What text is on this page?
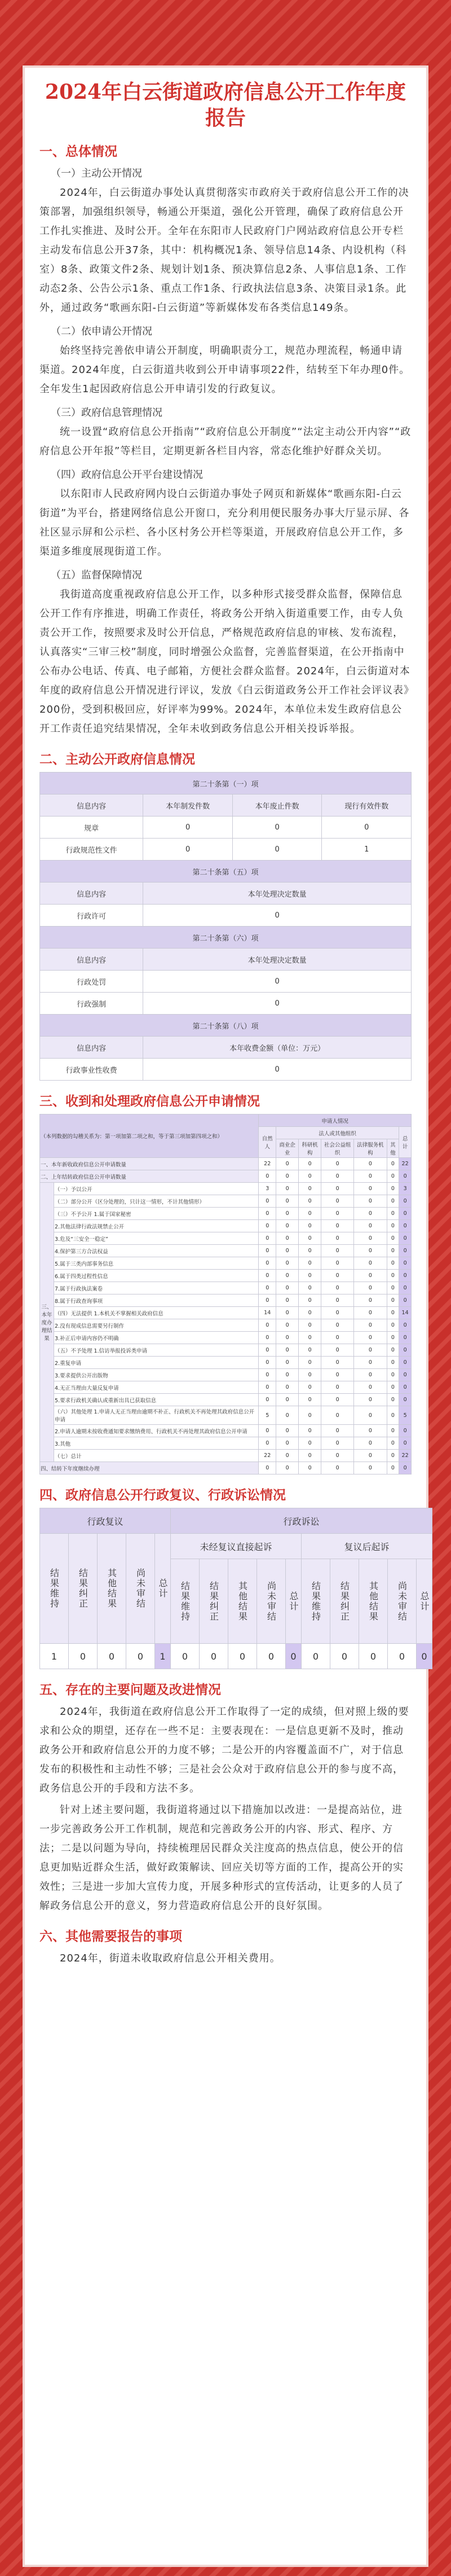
2024年白云街道政府信息公开工作年度报告
一、总体情况
（一）主动公开情况

2024年，白云街道办事处认真贯彻落实市政府关于政府信息公开工作的决策部署，加强组织领导，畅通公开渠道，强化公开管理，确保了政府信息公开工作扎实推进、及时公开。全年在东阳市人民政府门户网站政府信息公开专栏主动发布信息公开37条，其中：机构概况1条、领导信息14条、内设机构（科室）8条、政策文件2条、规划计划1条、预决算信息2条、人事信息1条、工作动态2条、公告公示1条、重点工作1条、行政执法信息3条、决策目录1条。此外，通过政务“歌画东阳-白云街道”等新媒体发布各类信息149条。

（二）依申请公开情况

始终坚持完善依申请公开制度，明确职责分工，规范办理流程，畅通申请渠道。2024年度，白云街道共收到公开申请事项22件，结转至下年办理0件。全年发生1起因政府信息公开申请引发的行政复议。

（三）政府信息管理情况

统一设置“政府信息公开指南”“政府信息公开制度”“法定主动公开内容”“政府信息公开年报”等栏目，定期更新各栏目内容，常态化维护好群众关切。

（四）政府信息公开平台建设情况

以东阳市人民政府网内设白云街道办事处子网页和新媒体“歌画东阳-白云街道”为平台，搭建网络信息公开窗口，充分利用便民服务办事大厅显示屏、各社区显示屏和公示栏、各小区村务公开栏等渠道，开展政府信息公开工作，多渠道多维度展现街道工作。

（五）监督保障情况

我街道高度重视政府信息公开工作，以多种形式接受群众监督，保障信息公开工作有序推进，明确工作责任，将政务公开纳入街道重要工作，由专人负责公开工作，按照要求及时公开信息，严格规范政府信息的审核、发布流程，认真落实“三审三校”制度，同时增强公众监督，完善监督渠道，在公开指南中公布办公电话、传真、电子邮箱，方便社会群众监督。2024年，白云街道对本年度的政府信息公开情况进行评议，发放《白云街道政务公开工作社会评议表》200份，受到积极回应，好评率为99%。2024年，本单位未发生政府信息公开工作责任追究结果情况，全年未收到政务信息公开相关投诉举报。

二、主动公开政府信息情况
第二十条第（一）项			
信息内容	本年制发件数	本年废止件数	现行有效件数
规章	0	0	0
行政规范性文件	0	0	1
第二十条第（五）项			
信息内容	本年处理决定数量		
行政许可	0		
第二十条第（六）项			
信息内容	本年处理决定数量		
行政处罚	0		
行政强制	0		
第二十条第（八）项			
信息内容	本年收费金额（单位：万元）		
行政事业性收费	0		
三、收到和处理政府信息公开申请情况
（本列数据的勾稽关系为：第一项加第二项之和，等于第三项加第四项之和）		申请人情况						
		自然人	法人或其他组织					总计
			商业企业	科研机构	社会公益组织	法律服务机构	其他	
一、本年新收政府信息公开申请数量		22	0	0	0	0	0	22
二、上年结转政府信息公开申请数量		0	0	0	0	0	0	0
三、本年度办理结果	（一）予以公开	3	0	0	0	0	0	3
	（二）部分公开（区分处理的，只计这一情形，不计其他情形）	0	0	0	0	0	0	0
	（三）不予公开 1.属于国家秘密	0	0	0	0	0	0	0
	2.其他法律行政法规禁止公开	0	0	0	0	0	0	0
	3.危及“三安全一稳定”	0	0	0	0	0	0	0
	4.保护第三方合法权益	0	0	0	0	0	0	0
	5.属于三类内部事务信息	0	0	0	0	0	0	0
	6.属于四类过程性信息	0	0	0	0	0	0	0
	7.属于行政执法案卷	0	0	0	0	0	0	0
	8.属于行政查询事项	0	0	0	0	0	0	0
	（四）无法提供 1.本机关不掌握相关政府信息	14	0	0	0	0	0	14
	2.没有现成信息需要另行制作	0	0	0	0	0	0	0
	3.补正后申请内容仍不明确	0	0	0	0	0	0	0
	（五）不予处理 1.信访举报投诉类申请	0	0	0	0	0	0	0
	2.重复申请	0	0	0	0	0	0	0
	3.要求提供公开出版物	0	0	0	0	0	0	0
	4.无正当理由大量反复申请	0	0	0	0	0	0	0
	5.要求行政机关确认或重新出具已获取信息	0	0	0	0	0	0	0
	（六）其他处理 1.申请人无正当理由逾期不补正、行政机关不再处理其政府信息公开申请	5	0	0	0	0	0	5
	2.申请人逾期未按收费通知要求缴纳费用、行政机关不再处理其政府信息公开申请	0	0	0	0	0	0	0
	3.其他	0	0	0	0	0	0	0
	（七）总计	22	0	0	0	0	0	22
四、结转下年度继续办理		0	0	0	0	0	0	0
四、政府信息公开行政复议、行政诉讼情况
行政复议					行政诉讼									
结果维持	结果纠正	其他结果	尚未审结	总计	未经复议直接起诉					复议后起诉				
					结果维持	结果纠正	其他结果	尚未审结	总计	结果维持	结果纠正	其他结果	尚未审结	总计
1	0	0	0	1	0	0	0	0	0	0	0	0	0	0
五、存在的主要问题及改进情况

2024年，我街道在政府信息公开工作取得了一定的成绩，但对照上级的要求和公众的期望，还存在一些不足：主要表现在：一是信息更新不及时，推动政务公开和政府信息公开的力度不够；二是公开的内容覆盖面不广，对于信息发布的积极性和主动性不够；三是社会公众对于政府信息公开的参与度不高，政务信息公开的手段和方法不多。

针对上述主要问题，我街道将通过以下措施加以改进：一是提高站位，进一步完善政务公开工作机制，规范和完善政务公开的内容、形式、程序、方法；二是以问题为导向，持续梳理居民群众关注度高的热点信息，使公开的信息更加贴近群众生活，做好政策解读、回应关切等方面的工作，提高公开的实效性；三是进一步加大宣传力度，开展多种形式的宣传活动，让更多的人员了解政务信息公开的意义，努力营造政府信息公开的良好氛围。

六、其他需要报告的事项

2024年，街道未收取政府信息公开相关费用。
